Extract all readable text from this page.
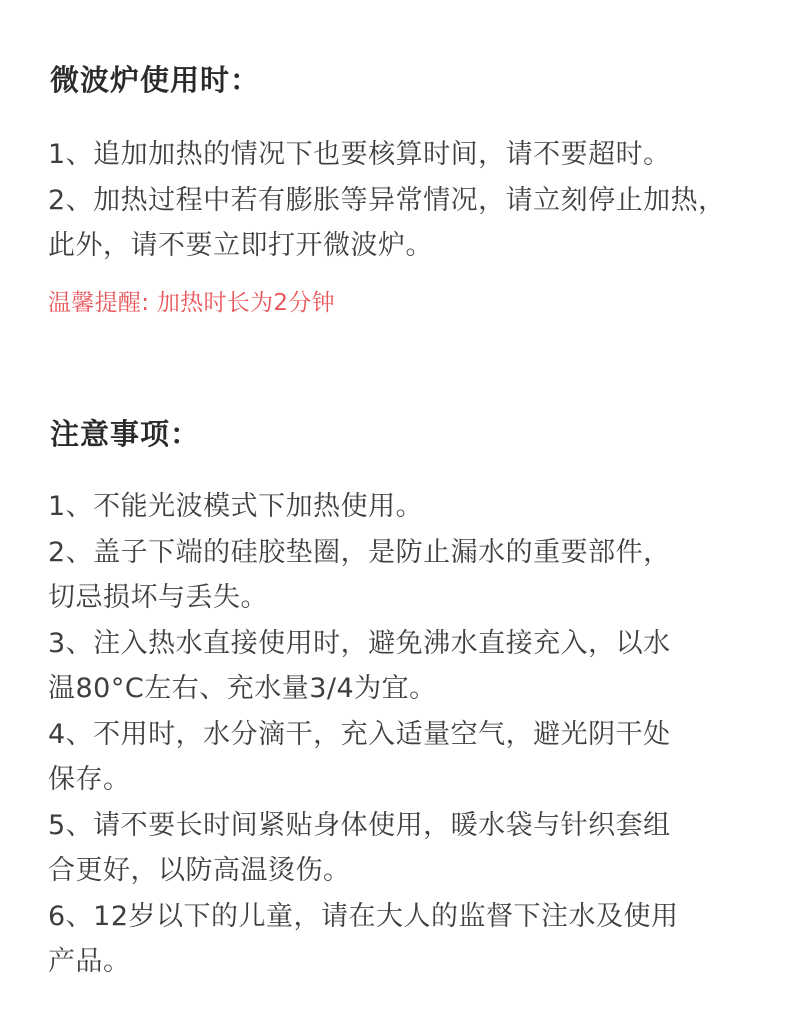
微波炉使用时：
1、追加加热的情况下也要核算时间，请不要超时。
2、加热过程中若有膨胀等异常情况，请立刻停止加热，
此外，请不要立即打开微波炉。
温馨提醒: 加热时长为2分钟
注意事项：
1、不能光波模式下加热使用。
2、盖子下端的硅胶垫圈，是防止漏水的重要部件，
切忌损坏与丢失。
3、注入热水直接使用时，避免沸水直接充入，以水
温80°C左右、充水量3/4为宜。
4、不用时，水分滴干，充入适量空气，避光阴干处
保存。
5、请不要长时间紧贴身体使用，暖水袋与针织套组
合更好，以防高温烫伤。
6、12岁以下的儿童，请在大人的监督下注水及使用
产品。
